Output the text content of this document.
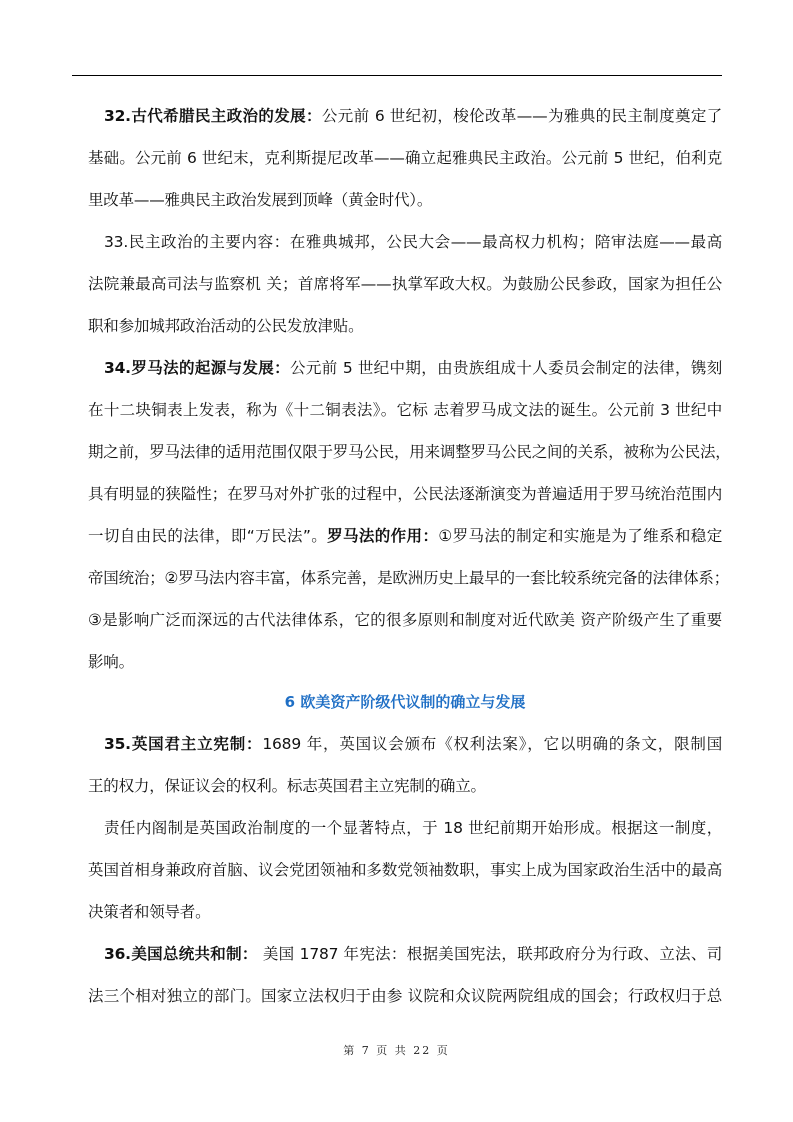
6 欧美资产阶级代议制的确立与发展
32.古代希腊民主政治的发展：公元前 6 世纪初，梭伦改革——为雅典的民主制度奠定了
基础。公元前 6 世纪末，克利斯提尼改革——确立起雅典民主政治。公元前 5 世纪，伯利克
里改革——雅典民主政治发展到顶峰（黄金时代）。
33.民主政治的主要内容：在雅典城邦，公民大会——最高权力机构；陪审法庭——最高
法院兼最高司法与监察机 关；首席将军——执掌军政大权。为鼓励公民参政，国家为担任公
职和参加城邦政治活动的公民发放津贴。
34.罗马法的起源与发展：公元前 5 世纪中期，由贵族组成十人委员会制定的法律，镌刻
在十二块铜表上发表，称为《十二铜表法》。它标 志着罗马成文法的诞生。公元前 3 世纪中
期之前，罗马法律的适用范围仅限于罗马公民，用来调整罗马公民之间的关系，被称为公民法，
具有明显的狭隘性；在罗马对外扩张的过程中，公民法逐渐演变为普遍适用于罗马统治范围内
一切自由民的法律，即“万民法”。罗马法的作用：①罗马法的制定和实施是为了维系和稳定
帝国统治；②罗马法内容丰富，体系完善，是欧洲历史上最早的一套比较系统完备的法律体系；
③是影响广泛而深远的古代法律体系，它的很多原则和制度对近代欧美 资产阶级产生了重要
影响。
35.英国君主立宪制：1689 年，英国议会颁布《权利法案》，它以明确的条文，限制国
王的权力，保证议会的权利。标志英国君主立宪制的确立。
责任内阁制是英国政治制度的一个显著特点，于 18 世纪前期开始形成。根据这一制度，
英国首相身兼政府首脑、议会党团领袖和多数党领袖数职，事实上成为国家政治生活中的最高
决策者和领导者。
36.美国总统共和制： 美国 1787 年宪法：根据美国宪法，联邦政府分为行政、立法、司
法三个相对独立的部门。国家立法权归于由参 议院和众议院两院组成的国会；行政权归于总
第 7 页 共 22 页
